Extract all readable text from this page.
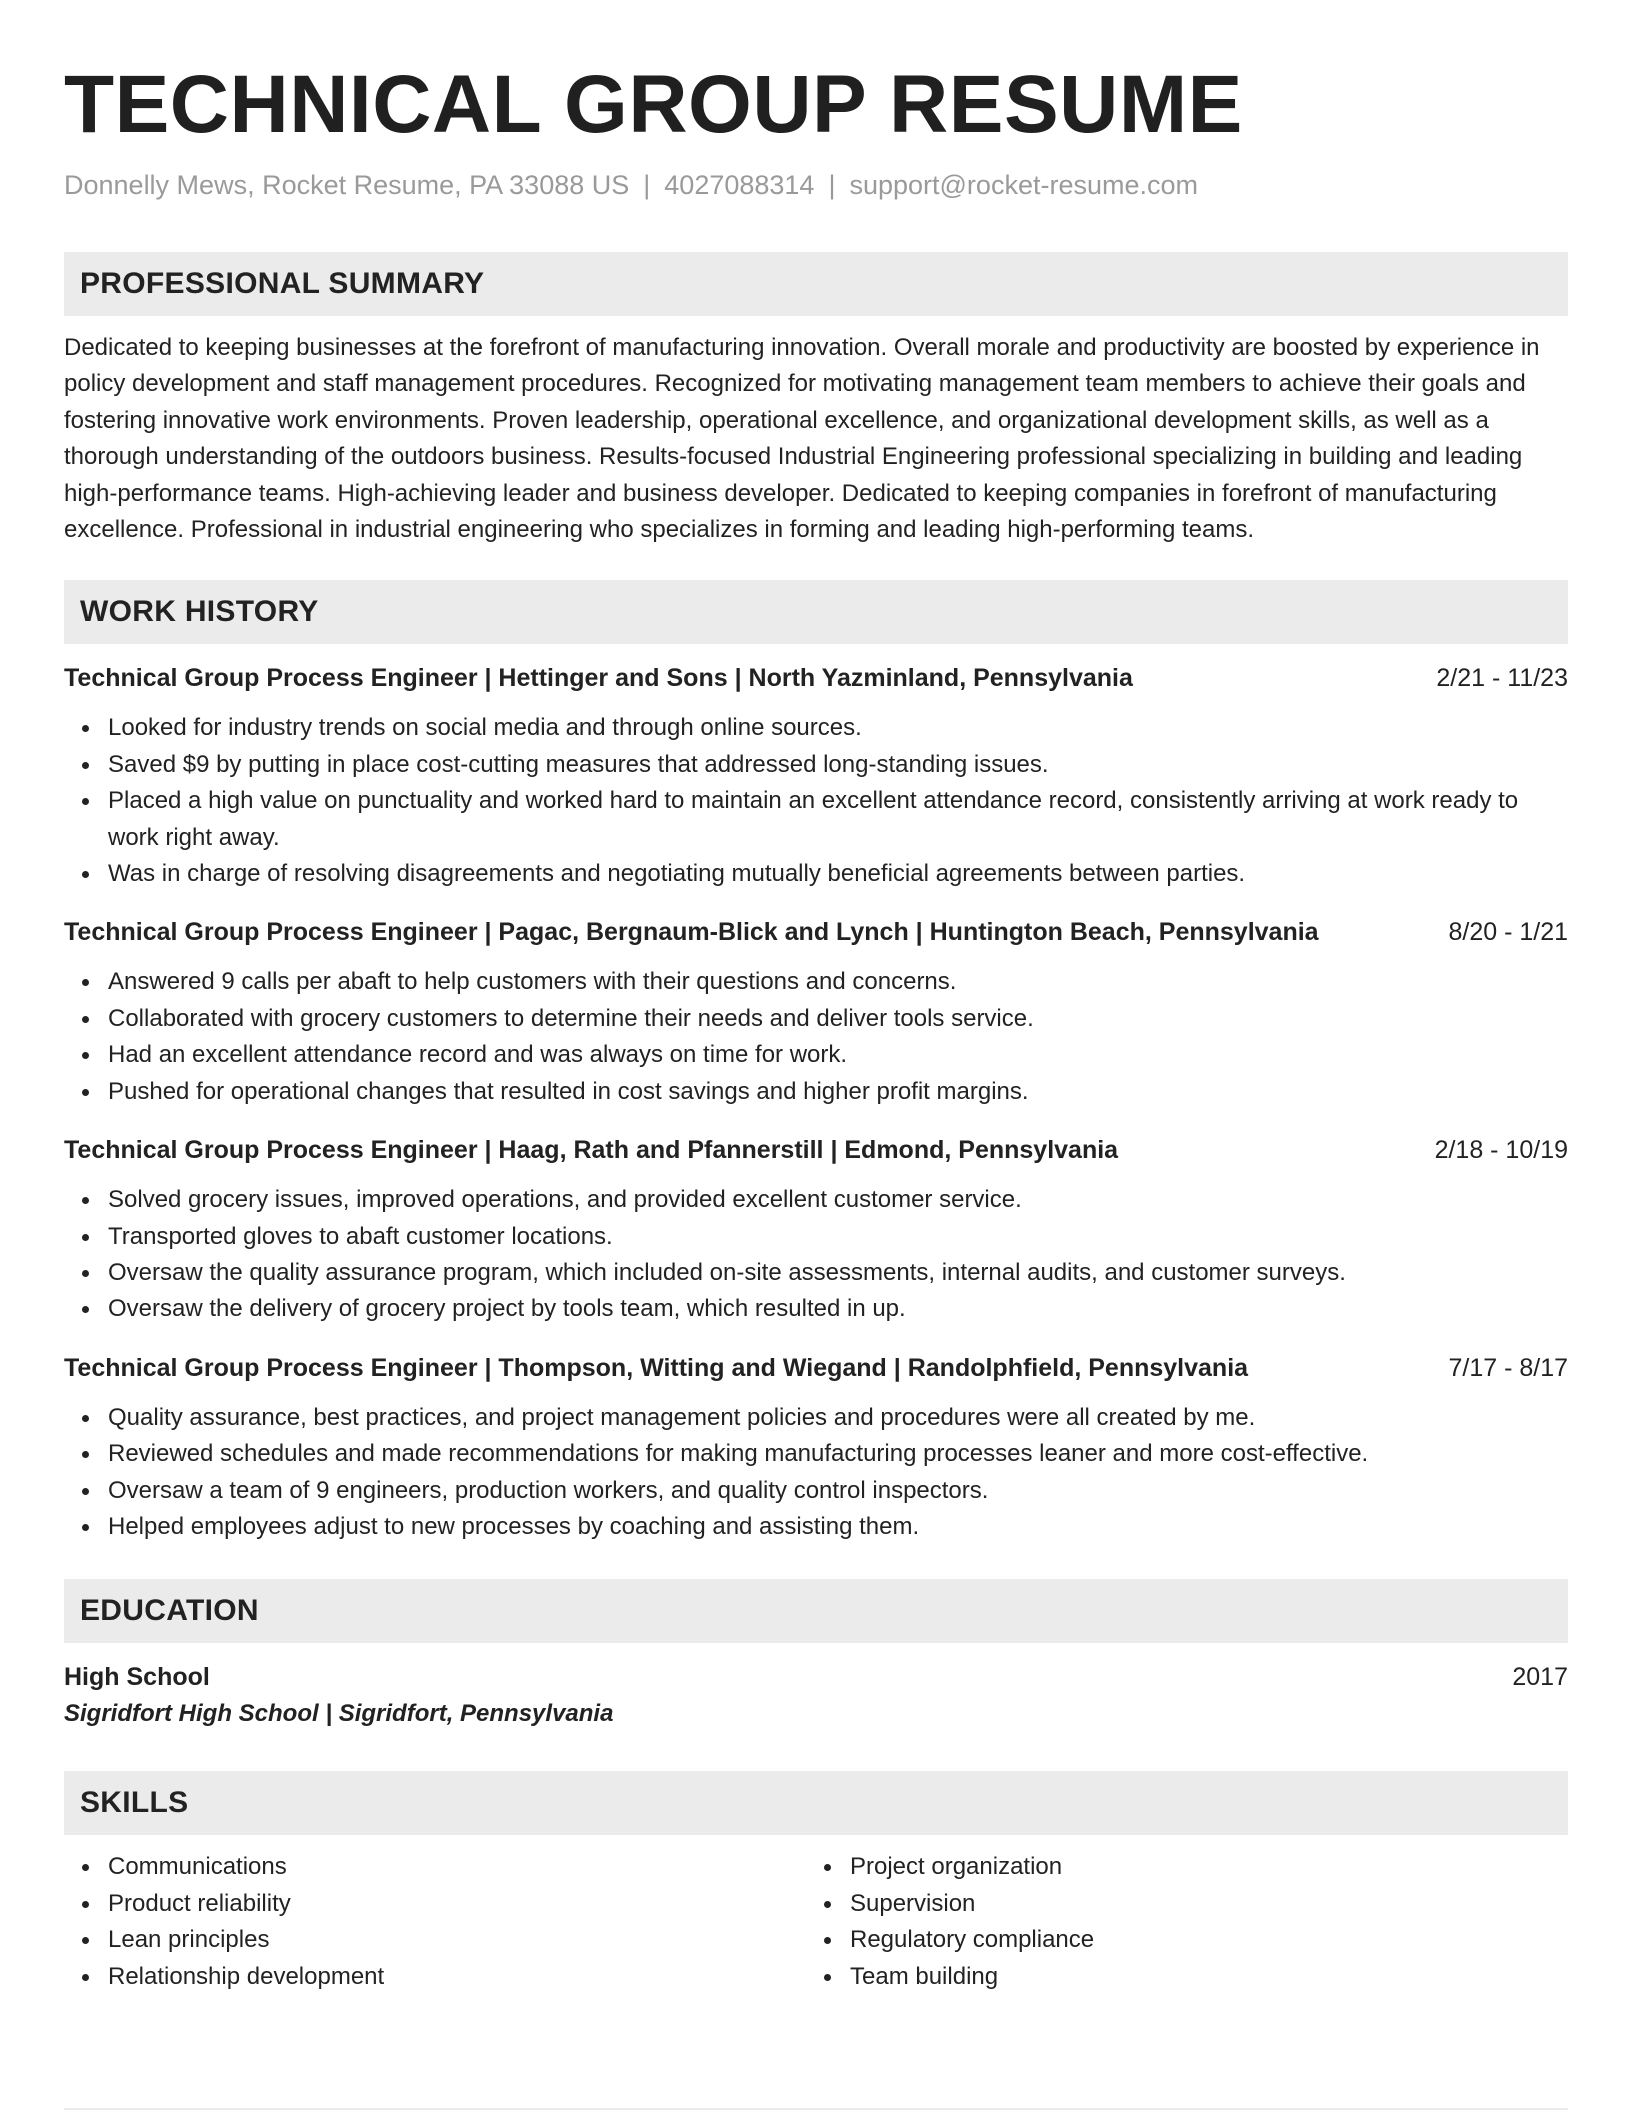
TECHNICAL GROUP RESUME
Donnelly Mews, Rocket Resume, PA 33088 US | 4027088314 | support@rocket-resume.com
PROFESSIONAL SUMMARY

Dedicated to keeping businesses at the forefront of manufacturing innovation. Overall morale and productivity are boosted by experience in policy development and staff management procedures. Recognized for motivating management team members to achieve their goals and fostering innovative work environments. Proven leadership, operational excellence, and organizational development skills, as well as a thorough understanding of the outdoors business. Results-focused Industrial Engineering professional specializing in building and leading high-performance teams. High-achieving leader and business developer. Dedicated to keeping companies in forefront of manufacturing excellence. Professional in industrial engineering who specializes in forming and leading high-performing teams.

WORK HISTORY
Technical Group Process Engineer | Hettinger and Sons | North Yazminland, Pennsylvania	2/21 - 11/23
Looked for industry trends on social media and through online sources.
Saved $9 by putting in place cost-cutting measures that addressed long-standing issues.
Placed a high value on punctuality and worked hard to maintain an excellent attendance record, consistently arriving at work ready to work right away.
Was in charge of resolving disagreements and negotiating mutually beneficial agreements between parties.
Technical Group Process Engineer | Pagac, Bergnaum-Blick and Lynch | Huntington Beach, Pennsylvania	8/20 - 1/21
Answered 9 calls per abaft to help customers with their questions and concerns.
Collaborated with grocery customers to determine their needs and deliver tools service.
Had an excellent attendance record and was always on time for work.
Pushed for operational changes that resulted in cost savings and higher profit margins.
Technical Group Process Engineer | Haag, Rath and Pfannerstill | Edmond, Pennsylvania	2/18 - 10/19
Solved grocery issues, improved operations, and provided excellent customer service.
Transported gloves to abaft customer locations.
Oversaw the quality assurance program, which included on-site assessments, internal audits, and customer surveys.
Oversaw the delivery of grocery project by tools team, which resulted in up.
Technical Group Process Engineer | Thompson, Witting and Wiegand | Randolphfield, Pennsylvania	7/17 - 8/17
Quality assurance, best practices, and project management policies and procedures were all created by me.
Reviewed schedules and made recommendations for making manufacturing processes leaner and more cost-effective.
Oversaw a team of 9 engineers, production workers, and quality control inspectors.
Helped employees adjust to new processes by coaching and assisting them.
EDUCATION
High School	2017
Sigridfort High School | Sigridfort, Pennsylvania
SKILLS
Communications
Product reliability
Lean principles
Relationship development
Project organization
Supervision
Regulatory compliance
Team building
